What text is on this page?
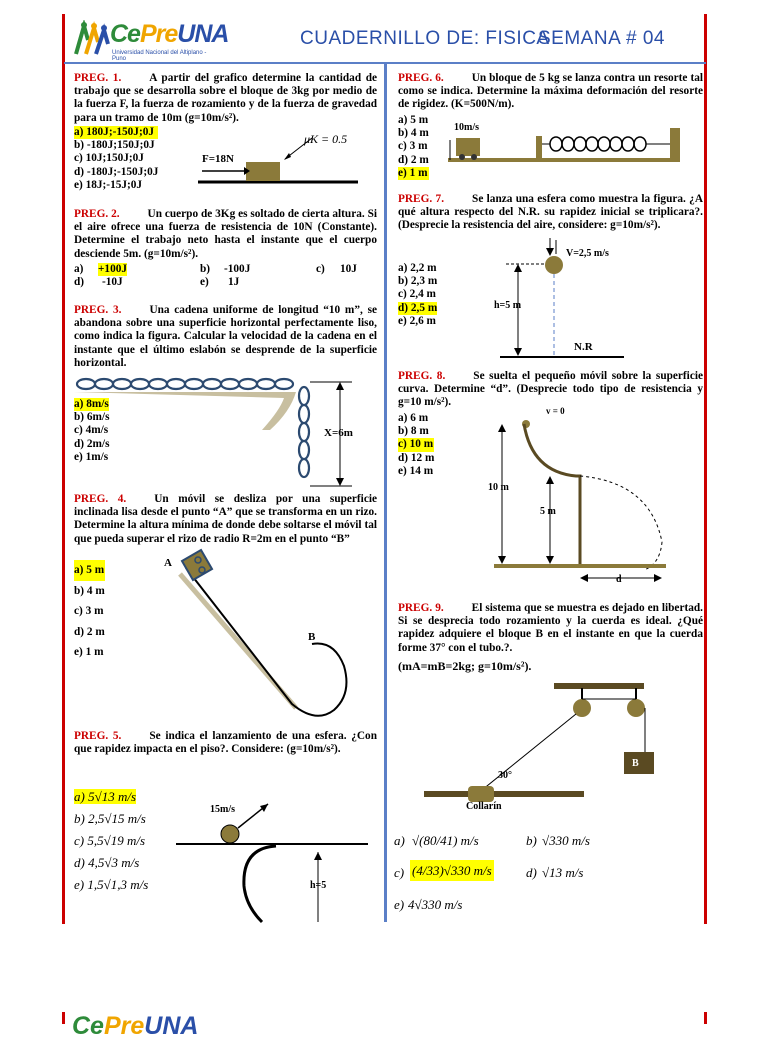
CePreUNA
Universidad Nacional del Altiplano - Puno
CUADERNILLO DE: FISICA
SEMANA # 04
PREG. 1. A partir del grafico determine la cantidad de trabajo que se desarrolla sobre el bloque de 3kg por medio de la fuerza F, la fuerza de rozamiento y de la fuerza de gravedad para un tramo de 10m (g=10m/s²).
a) 180J;-150J;0J
b) -180J;150J;0J
c) 10J;150J;0J
d) -180J;-150J;0J
e) 18J;-15J;0J
F=18N
μK = 0.5
PREG. 2. Un cuerpo de 3Kg es soltado de cierta altura. Si el aire ofrece una fuerza de resistencia de 10N (Constante). Determine el trabajo neto hasta el instante que el cuerpo desciende 5m. (g=10m/s²).
a) +100J	b) -100J	c) 10J
d) -10J	e) 1J
PREG. 3. Una cadena uniforme de longitud “10 m”, se abandona sobre una superficie horizontal perfectamente liso, como indica la figura. Calcular la velocidad de la cadena en el instante que el último eslabón se desprende de la superficie horizontal.
a) 8m/s
b) 6m/s
c) 4m/s
d) 2m/s
e) 1m/s
X=6m
PREG. 4. Un móvil se desliza por una superficie inclinada lisa desde el punto “A” que se transforma en un rizo. Determine la altura mínima de donde debe soltarse el móvil tal que pueda superar el rizo de radio R=2m en el punto “B”
a) 5 m
b) 4 m
c) 3 m
d) 2 m
e) 1 m
A
B
PREG. 5. Se indica el lanzamiento de una esfera. ¿Con que rapidez impacta en el piso?. Considere: (g=10m/s²).
a) 5√13 m/s
b) 2,5√15 m/s
c) 5,5√19 m/s
d) 4,5√3 m/s
e) 1,5√1,3 m/s
15m/s
h=5
PREG. 6. Un bloque de 5 kg se lanza contra un resorte tal como se indica. Determine la máxima deformación del resorte de rigidez. (K=500N/m).
a) 5 m
b) 4 m
c) 3 m
d) 2 m
e) 1 m
10m/s
PREG. 7. Se lanza una esfera como muestra la figura. ¿A qué altura respecto del N.R. su rapidez inicial se triplicara?. (Desprecie la resistencia del aire, considere: g=10m/s²).
a) 2,2 m
b) 2,3 m
c) 2,4 m
d) 2,5 m
e) 2,6 m
V=2,5 m/s
h=5 m
N.R
PREG. 8. Se suelta el pequeño móvil sobre la superficie curva. Determine “d”. (Desprecie todo tipo de resistencia y g=10 m/s²).
a) 6 m
b) 8 m
c) 10 m
d) 12 m
e) 14 m
v = 0
10 m
5 m
d
PREG. 9. El sistema que se muestra es dejado en libertad. Si se desprecia todo rozamiento y la cuerda es ideal. ¿Qué rapidez adquiere el bloque B en el instante en que la cuerda forme 37° con el tubo.?.
(mA=mB=2kg; g=10m/s²).
B
30°
Collarín
a) √(80/41) m/s	b) √330 m/s
c) (4/33)√330 m/s	d) √13 m/s
e) 4√330 m/s
CePreUNA
